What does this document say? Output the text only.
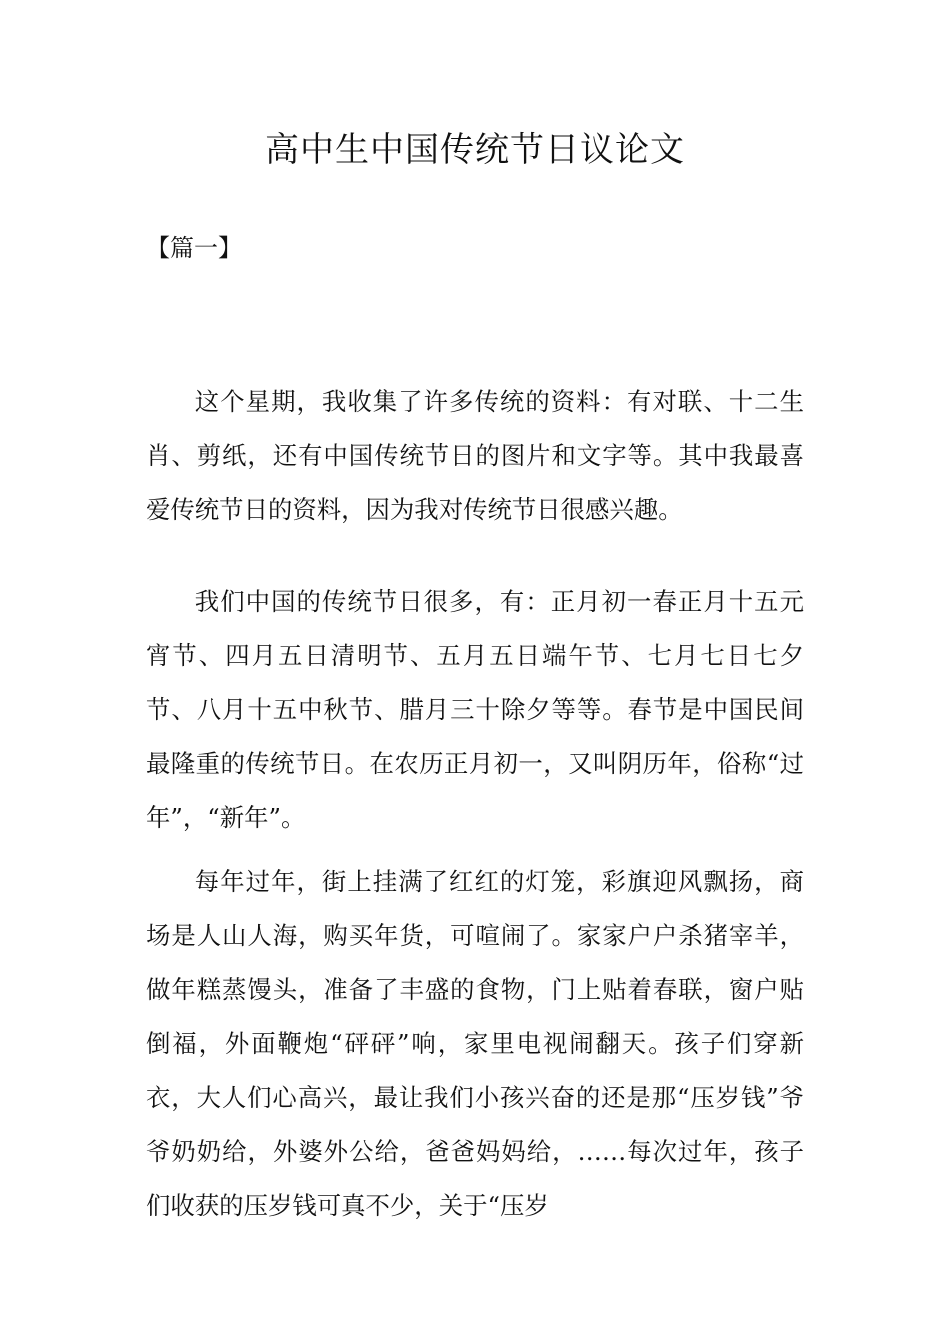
高中生中国传统节日议论文

【篇一】

这个星期，我收集了许多传统的资料：有对联、十二生肖、剪纸，还有中国传统节日的图片和文字等。其中我最喜爱传统节日的资料，因为我对传统节日很感兴趣。

我们中国的传统节日很多，有：正月初一春正月十五元宵节、四月五日清明节、五月五日端午节、七月七日七夕节、八月十五中秋节、腊月三十除夕等等。春节是中国民间最隆重的传统节日。在农历正月初一，又叫阴历年，俗称“过年”，“新年”。

每年过年，街上挂满了红红的灯笼，彩旗迎风飘扬，商场是人山人海，购买年货，可喧闹了。家家户户杀猪宰羊，做年糕蒸馒头，准备了丰盛的食物，门上贴着春联，窗户贴倒福，外面鞭炮“砰砰”响，家里电视闹翻天。孩子们穿新衣，大人们心高兴，最让我们小孩兴奋的还是那“压岁钱”爷爷奶奶给，外婆外公给，爸爸妈妈给，……每次过年，孩子们收获的压岁钱可真不少，关于“压岁
